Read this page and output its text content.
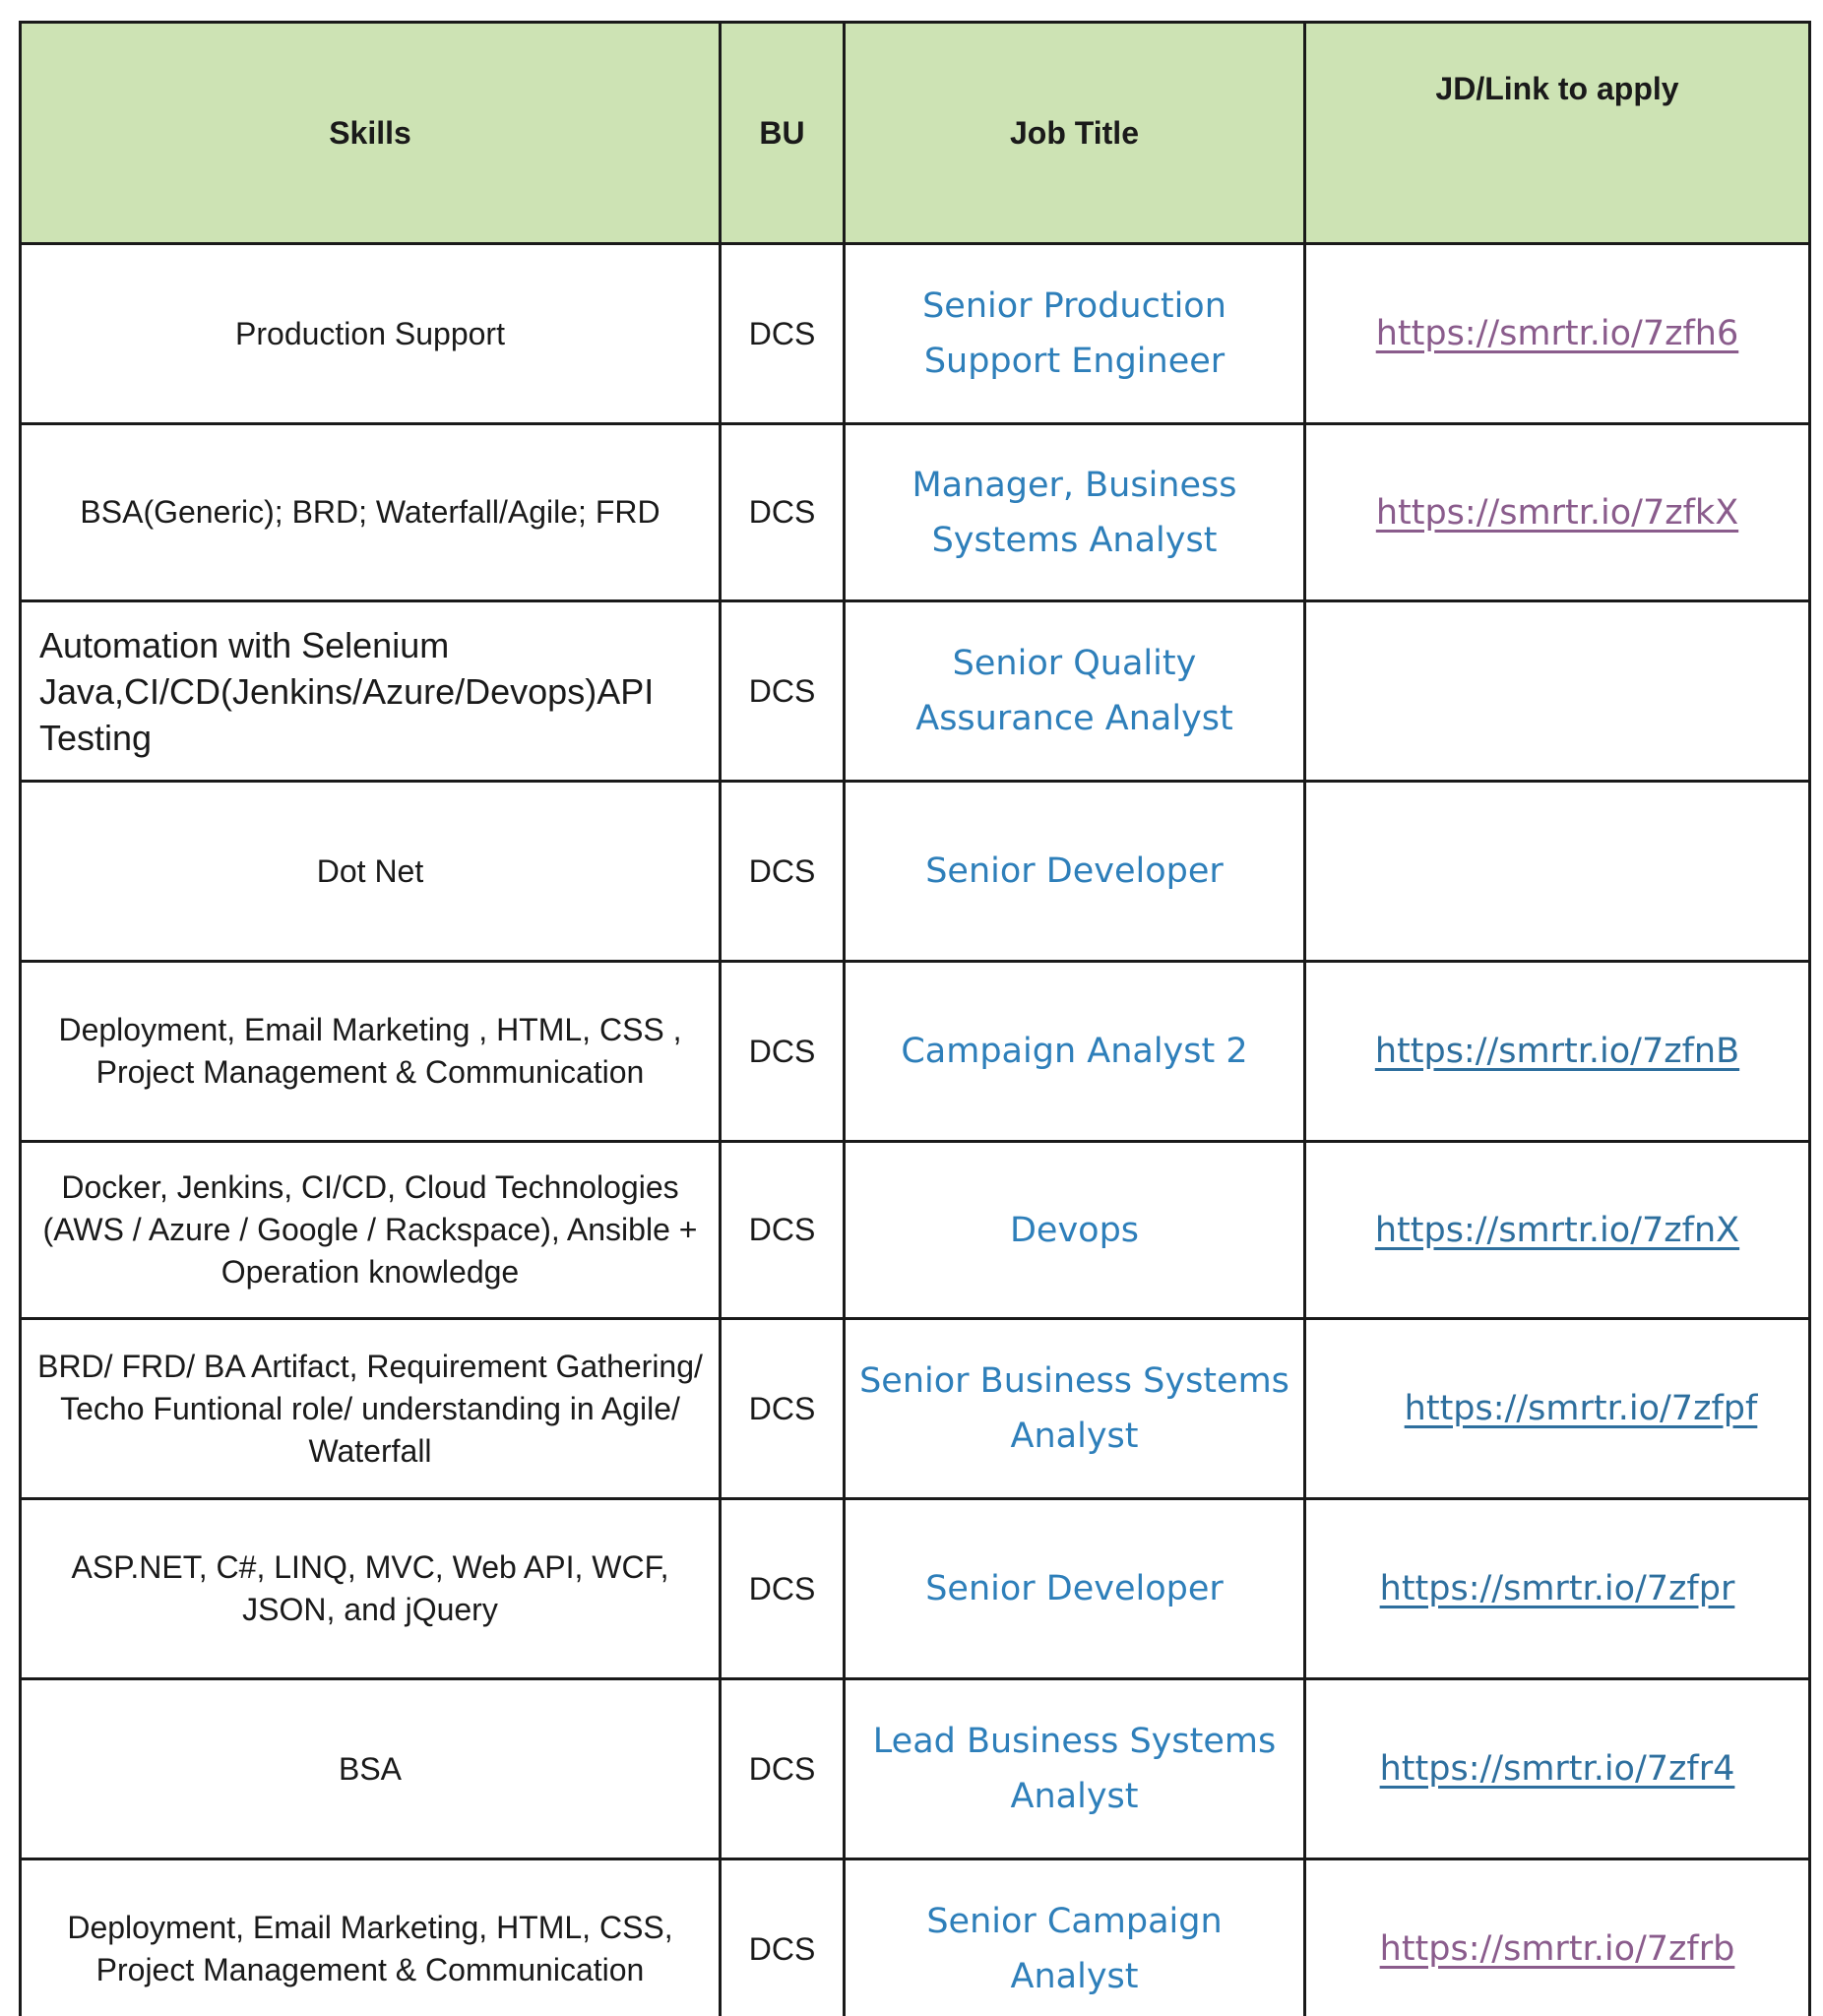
Skills	BU	Job Title	JD/Link to apply
Production Support	DCS	Senior Production Support Engineer	https://smrtr.io/7zfh6
BSA(Generic); BRD; Waterfall/Agile; FRD	DCS	Manager, Business Systems Analyst	https://smrtr.io/7zfkX
Automation with Selenium Java,CI/CD(Jenkins/Azure/Devops)API Testing	DCS	Senior Quality Assurance Analyst	
Dot Net	DCS	Senior Developer	
Deployment, Email Marketing , HTML, CSS , Project Management & Communication	DCS	Campaign Analyst 2	https://smrtr.io/7zfnB
Docker, Jenkins, CI/CD, Cloud Technologies (AWS / Azure / Google / Rackspace), Ansible + Operation knowledge	DCS	Devops	https://smrtr.io/7zfnX
BRD/ FRD/ BA Artifact, Requirement Gathering/ Techo Funtional role/ understanding in Agile/ Waterfall	DCS	Senior Business Systems Analyst	https://smrtr.io/7zfpf
ASP.NET, C#, LINQ, MVC, Web API, WCF, JSON, and jQuery	DCS	Senior Developer	https://smrtr.io/7zfpr
BSA	DCS	Lead Business Systems Analyst	https://smrtr.io/7zfr4
Deployment, Email Marketing, HTML, CSS, Project Management & Communication	DCS	Senior Campaign Analyst	https://smrtr.io/7zfrb
